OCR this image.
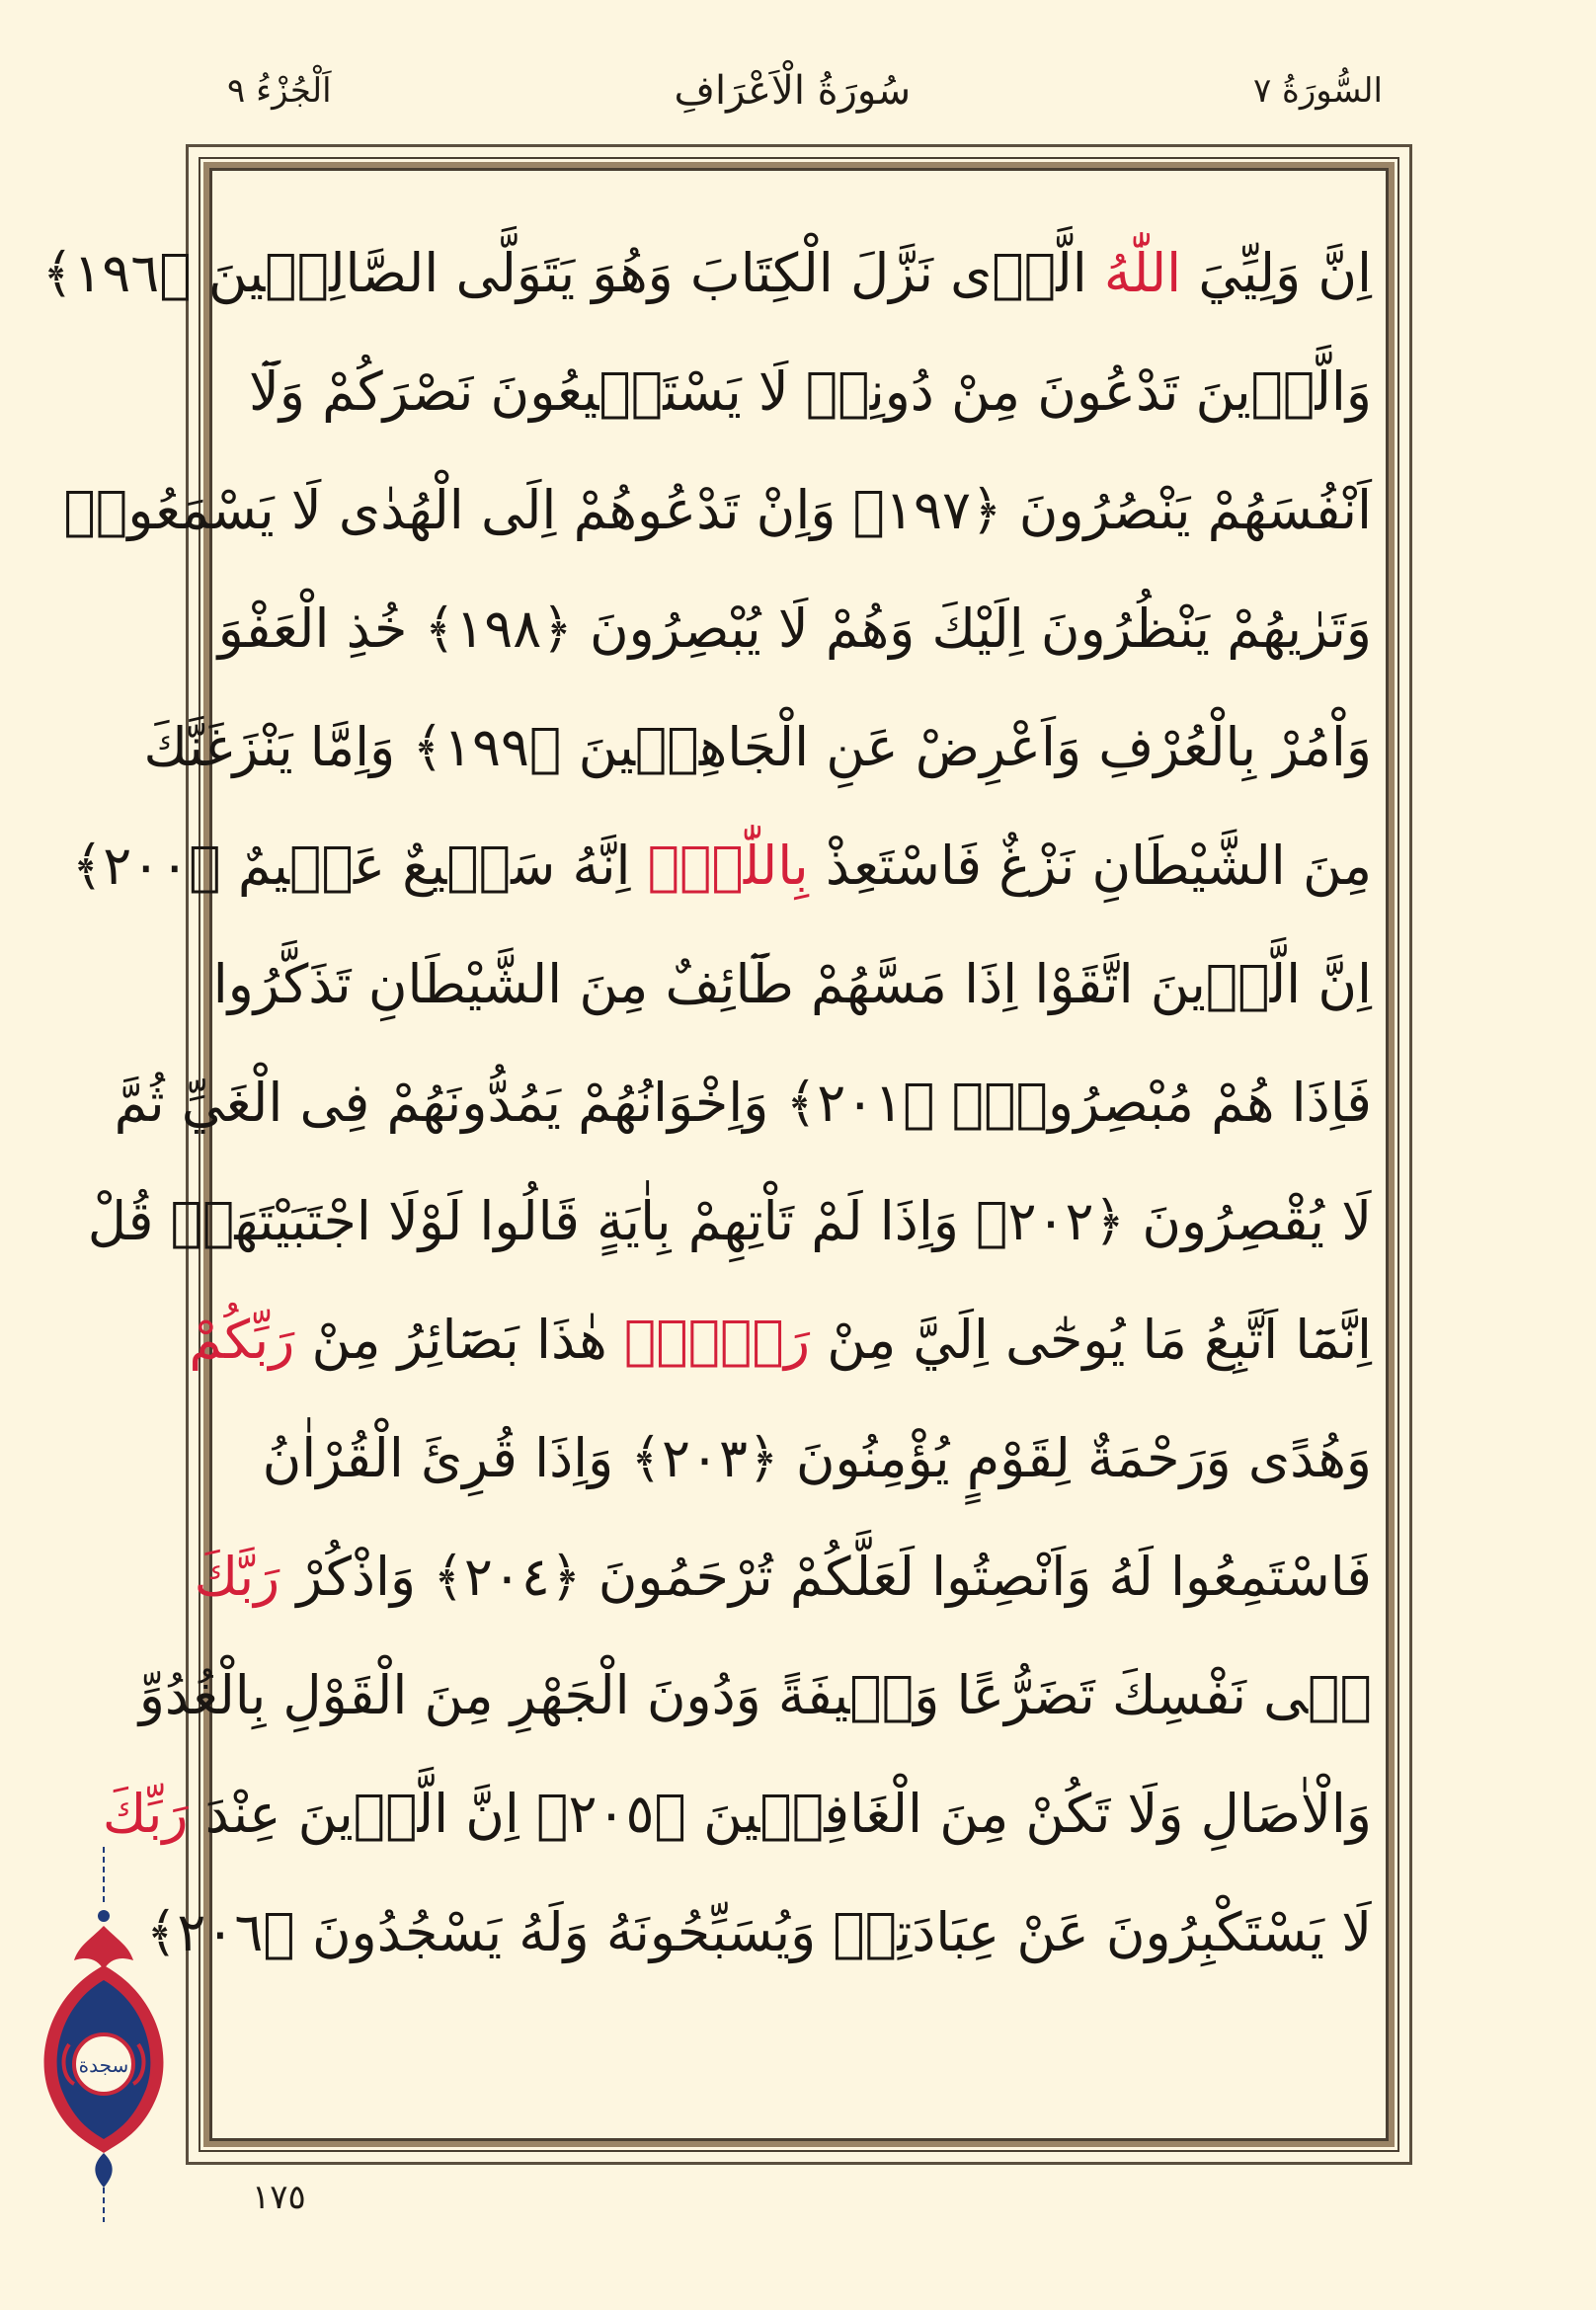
السُّورَةُ ٧
سُورَةُ الْاَعْرَافِ
اَلْجُزْءُ ٩
اِنَّ وَلِيِّيَ اللّٰهُ الَّذٖى نَزَّلَ الْكِتَابَ وَهُوَ يَتَوَلَّى الصَّالِحٖينَ ﴿١٩٦﴾
وَالَّذٖينَ تَدْعُونَ مِنْ دُونِهٖ لَا يَسْتَطٖيعُونَ نَصْرَكُمْ وَلَٓا
اَنْفُسَهُمْ يَنْصُرُونَ ﴿١٩٧﴾ وَاِنْ تَدْعُوهُمْ اِلَى الْهُدٰى لَا يَسْمَعُواۜ
وَتَرٰيهُمْ يَنْظُرُونَ اِلَيْكَ وَهُمْ لَا يُبْصِرُونَ ﴿١٩٨﴾ خُذِ الْعَفْوَ
وَاْمُرْ بِالْعُرْفِ وَاَعْرِضْ عَنِ الْجَاهِلٖينَ ﴿١٩٩﴾ وَاِمَّا يَنْزَغَنَّكَ
مِنَ الشَّيْطَانِ نَزْغٌ فَاسْتَعِذْ بِاللّٰهِۜ اِنَّهُ سَمٖيعٌ عَلٖيمٌ ﴿٢٠٠﴾
اِنَّ الَّذٖينَ اتَّقَوْا اِذَا مَسَّهُمْ طَٓائِفٌ مِنَ الشَّيْطَانِ تَذَكَّرُوا
فَاِذَا هُمْ مُبْصِرُونَۚ ﴿٢٠١﴾ وَاِخْوَانُهُمْ يَمُدُّونَهُمْ فِى الْغَيِّ ثُمَّ
لَا يُقْصِرُونَ ﴿٢٠٢﴾ وَاِذَا لَمْ تَاْتِهِمْ بِاٰيَةٍ قَالُوا لَوْلَا اجْتَبَيْتَهَاۜ قُلْ
اِنَّمَٓا اَتَّبِعُ مَا يُوحٰٓى اِلَيَّ مِنْ رَبّٖيۚ هٰذَا بَصَٓائِرُ مِنْ رَبِّكُمْ
وَهُدًى وَرَحْمَةٌ لِقَوْمٍ يُؤْمِنُونَ ﴿٢٠٣﴾ وَاِذَا قُرِئَ الْقُرْاٰنُ
فَاسْتَمِعُوا لَهُ وَاَنْصِتُوا لَعَلَّكُمْ تُرْحَمُونَ ﴿٢٠٤﴾ وَاذْكُرْ رَبَّكَ
فٖى نَفْسِكَ تَضَرُّعًا وَخٖيفَةً وَدُونَ الْجَهْرِ مِنَ الْقَوْلِ بِالْغُدُوِّ
وَالْاٰصَالِ وَلَا تَكُنْ مِنَ الْغَافِلٖينَ ﴿٢٠٥﴾ اِنَّ الَّذٖينَ عِنْدَ رَبِّكَ
لَا يَسْتَكْبِرُونَ عَنْ عِبَادَتِهٖ وَيُسَبِّحُونَهُ وَلَهُ يَسْجُدُونَ ﴿٢٠٦﴾
١٧٥
سجدة
